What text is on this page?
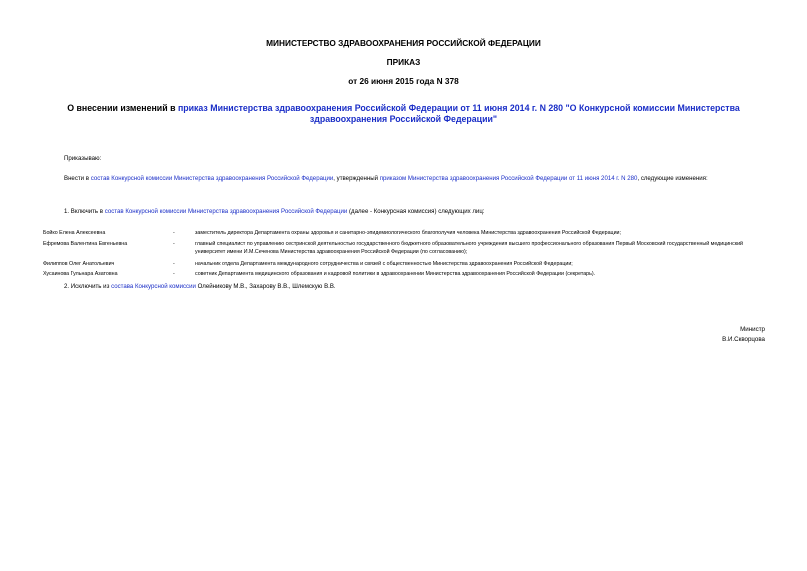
МИНИСТЕРСТВО ЗДРАВООХРАНЕНИЯ РОССИЙСКОЙ ФЕДЕРАЦИИ
ПРИКАЗ
от 26 июня 2015 года N 378
О внесении изменений в приказ Министерства здравоохранения Российской Федерации от 11 июня 2014 г. N 280 "О Конкурсной комиссии Министерства здравоохранения Российской Федерации"
Приказываю:
Внести в состав Конкурсной комиссии Министерства здравоохранения Российской Федерации, утвержденный приказом Министерства здравоохранения Российской Федерации от 11 июня 2014 г. N 280, следующие изменения:
1. Включить в состав Конкурсной комиссии Министерства здравоохранения Российской Федерации (далее - Конкурсная комиссия) следующих лиц:
Бойко Елена Алексеевна	-	заместитель директора Департамента охраны здоровья и санитарно-эпидемиологического благополучия человека Министерства здравоохранения Российской Федерации;
Ефремова Валентина Евгеньевна	-	главный специалист по управлению сестринской деятельностью государственного бюджетного образовательного учреждения высшего профессионального образования Первый Московский государственный медицинский университет имени И.М.Сеченова Министерства здравоохранения Российской Федерации (по согласованию);
Филиппов Олег Анатольевич	-	начальник отдела Департамента международного сотрудничества и связей с общественностью Министерства здравоохранения Российской Федерации;
Хусаинова Гульнара Азатовна	-	советник Департамента медицинского образования и кадровой политики в здравоохранении Министерства здравоохранения Российской Федерации (секретарь).
2. Исключить из состава Конкурсной комиссии Олейникову М.В., Захарову В.В., Шлемскую В.В.
Министр
В.И.Скворцова
